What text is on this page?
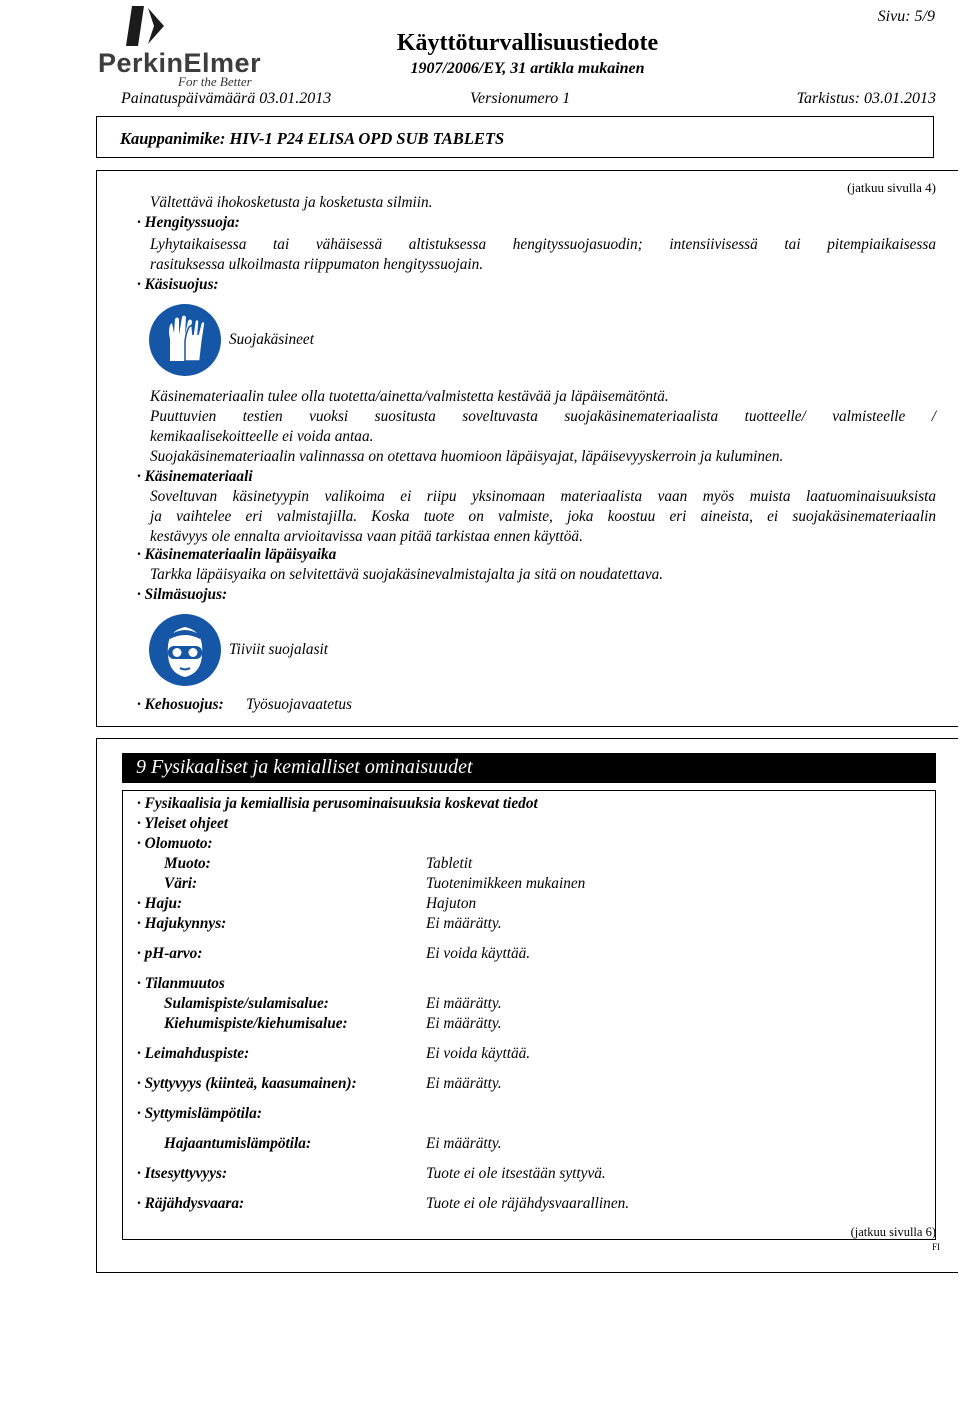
PerkinElmer
For the Better
Käyttöturvallisuustiedote
1907/2006/EY, 31 artikla mukainen
Sivu: 5/9
Painatuspäivämäärä 03.01.2013	Versionumero 1	Tarkistus: 03.01.2013
Kauppanimike: HIV-1 P24 ELISA OPD SUB TABLETS
(jatkuu sivulla 4)
Vältettävä ihokosketusta ja kosketusta silmiin.
· Hengityssuoja:
Lyhytaikaisessa tai vähäisessä altistuksessa hengityssuojasuodin; intensiivisessä tai pitempiaikaisessa
rasituksessa ulkoilmasta riippumaton hengityssuojain.
· Käsisuojus:
Suojakäsineet
Käsinemateriaalin tulee olla tuotetta/ainetta/valmistetta kestävää ja läpäisemätöntä.
Puuttuvien testien vuoksi suositusta soveltuvasta suojakäsinemateriaalista tuotteelle/ valmisteelle /
kemikaalisekoitteelle ei voida antaa.
Suojakäsinemateriaalin valinnassa on otettava huomioon läpäisyajat, läpäisevyyskerroin ja kuluminen.
· Käsinemateriaali
Soveltuvan käsinetyypin valikoima ei riipu yksinomaan materiaalista vaan myös muista laatuominaisuuksista
ja vaihtelee eri valmistajilla. Koska tuote on valmiste, joka koostuu eri aineista, ei suojakäsinemateriaalin
kestävyys ole ennalta arvioitavissa vaan pitää tarkistaa ennen käyttöä.
· Käsinemateriaalin läpäisyaika
Tarkka läpäisyaika on selvitettävä suojakäsinevalmistajalta ja sitä on noudatettava.
· Silmäsuojus:
Tiiviit suojalasit
· Kehosuojus: Työsuojavaatetus
9 Fysikaaliset ja kemialliset ominaisuudet
· Fysikaalisia ja kemiallisia perusominaisuuksia koskevat tiedot
· Yleiset ohjeet
· Olomuoto:
Muoto:	Tabletit
Väri:	Tuotenimikkeen mukainen
· Haju:	Hajuton
· Hajukynnys:	Ei määrätty.
· pH-arvo:	Ei voida käyttää.
· Tilanmuutos
Sulamispiste/sulamisalue:	Ei määrätty.
Kiehumispiste/kiehumisalue:	Ei määrätty.
· Leimahduspiste:	Ei voida käyttää.
· Syttyvyys (kiinteä, kaasumainen):	Ei määrätty.
· Syttymislämpötila:
Hajaantumislämpötila:	Ei määrätty.
· Itsesyttyvyys:	Tuote ei ole itsestään syttyvä.
· Räjähdysvaara:	Tuote ei ole räjähdysvaarallinen.
(jatkuu sivulla 6)
FI
